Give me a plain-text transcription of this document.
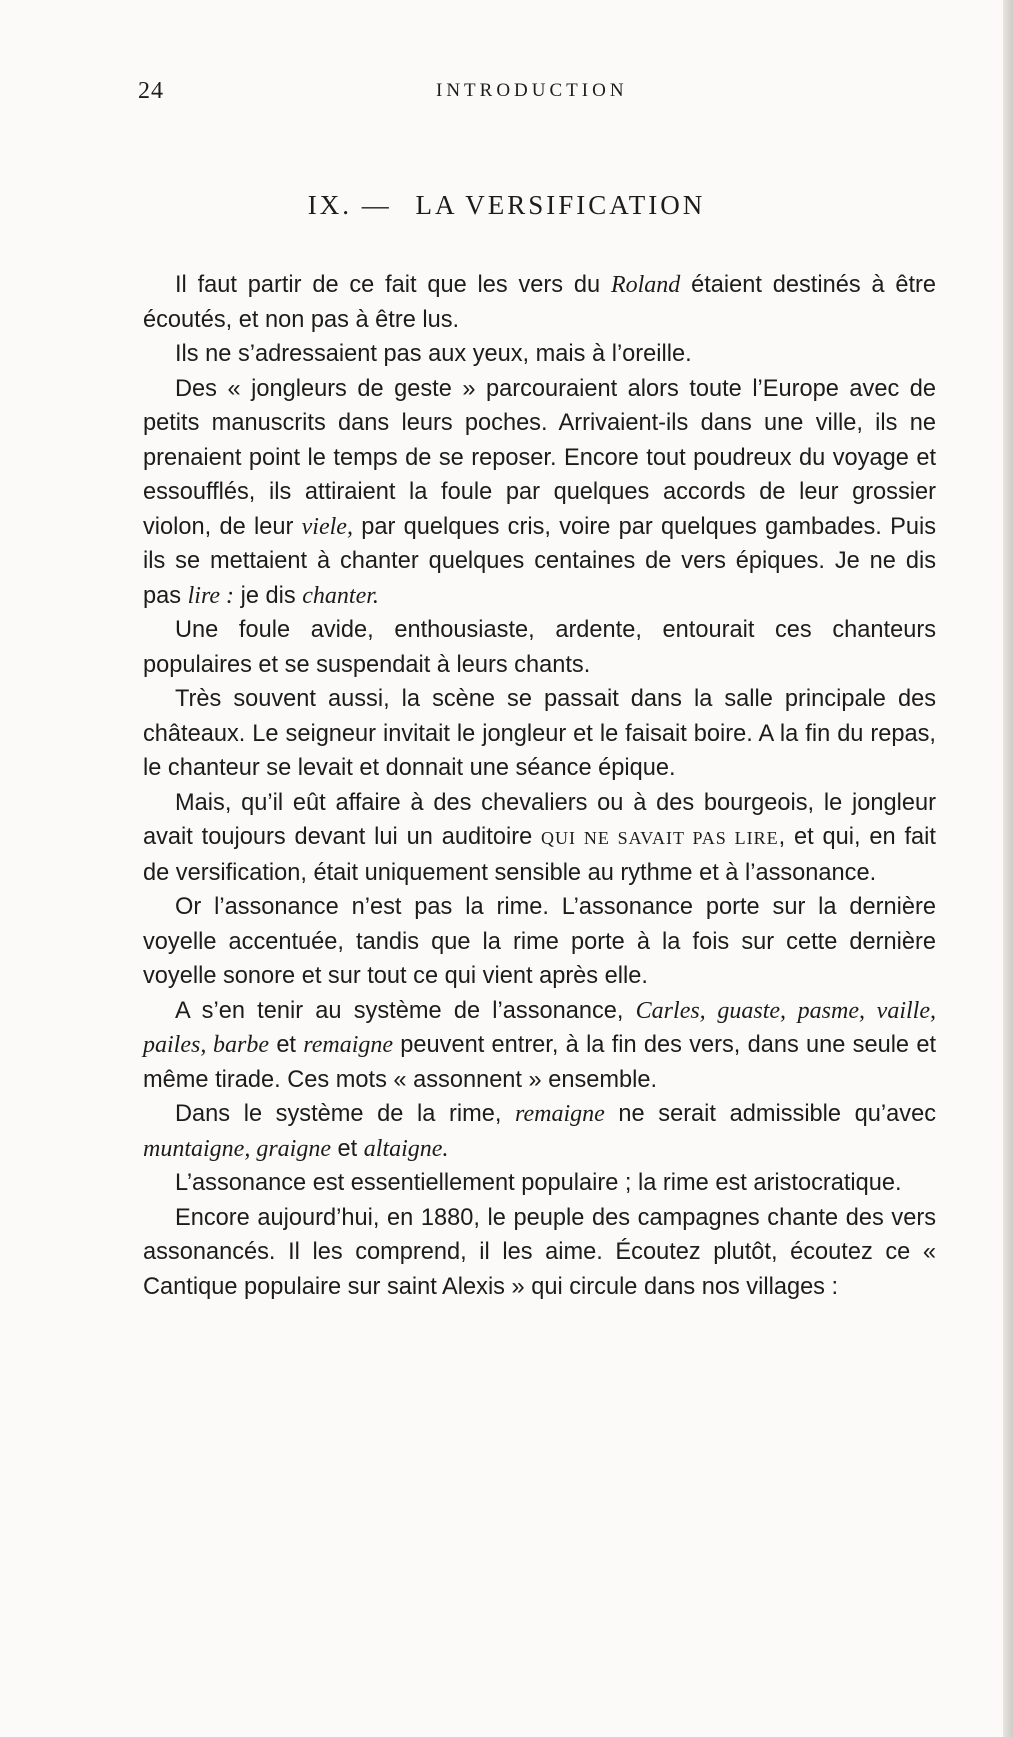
24	INTRODUCTION
IX. — LA VERSIFICATION

Il faut partir de ce fait que les vers du Roland étaient destinés à être écoutés, et non pas à être lus.

Ils ne s’adressaient pas aux yeux, mais à l’oreille.

Des « jongleurs de geste » parcouraient alors toute l’Europe avec de petits manuscrits dans leurs poches. Arrivaient-ils dans une ville, ils ne prenaient point le temps de se reposer. Encore tout poudreux du voyage et essoufflés, ils attiraient la foule par quelques accords de leur grossier violon, de leur viele, par quelques cris, voire par quelques gambades. Puis ils se mettaient à chanter quelques centaines de vers épiques. Je ne dis pas lire : je dis chanter.

Une foule avide, enthousiaste, ardente, entourait ces chanteurs populaires et se suspendait à leurs chants.

Très souvent aussi, la scène se passait dans la salle principale des châteaux. Le seigneur invitait le jongleur et le faisait boire. A la fin du repas, le chanteur se levait et donnait une séance épique.

Mais, qu’il eût affaire à des chevaliers ou à des bourgeois, le jongleur avait toujours devant lui un auditoire QUI NE SAVAIT PAS LIRE, et qui, en fait de versification, était uniquement sensible au rythme et à l’assonance.

Or l’assonance n’est pas la rime. L’assonance porte sur la dernière voyelle accentuée, tandis que la rime porte à la fois sur cette dernière voyelle sonore et sur tout ce qui vient après elle.

A s’en tenir au système de l’assonance, Carles, guaste, pasme, vaille, pailes, barbe et remaigne peuvent entrer, à la fin des vers, dans une seule et même tirade. Ces mots « assonnent » ensemble.

Dans le système de la rime, remaigne ne serait admissible qu’avec muntaigne, graigne et altaigne.

L’assonance est essentiellement populaire ; la rime est aristocratique.

Encore aujourd’hui, en 1880, le peuple des campagnes chante des vers assonancés. Il les comprend, il les aime. Écoutez plutôt, écoutez ce « Cantique populaire sur saint Alexis » qui circule dans nos villages :
